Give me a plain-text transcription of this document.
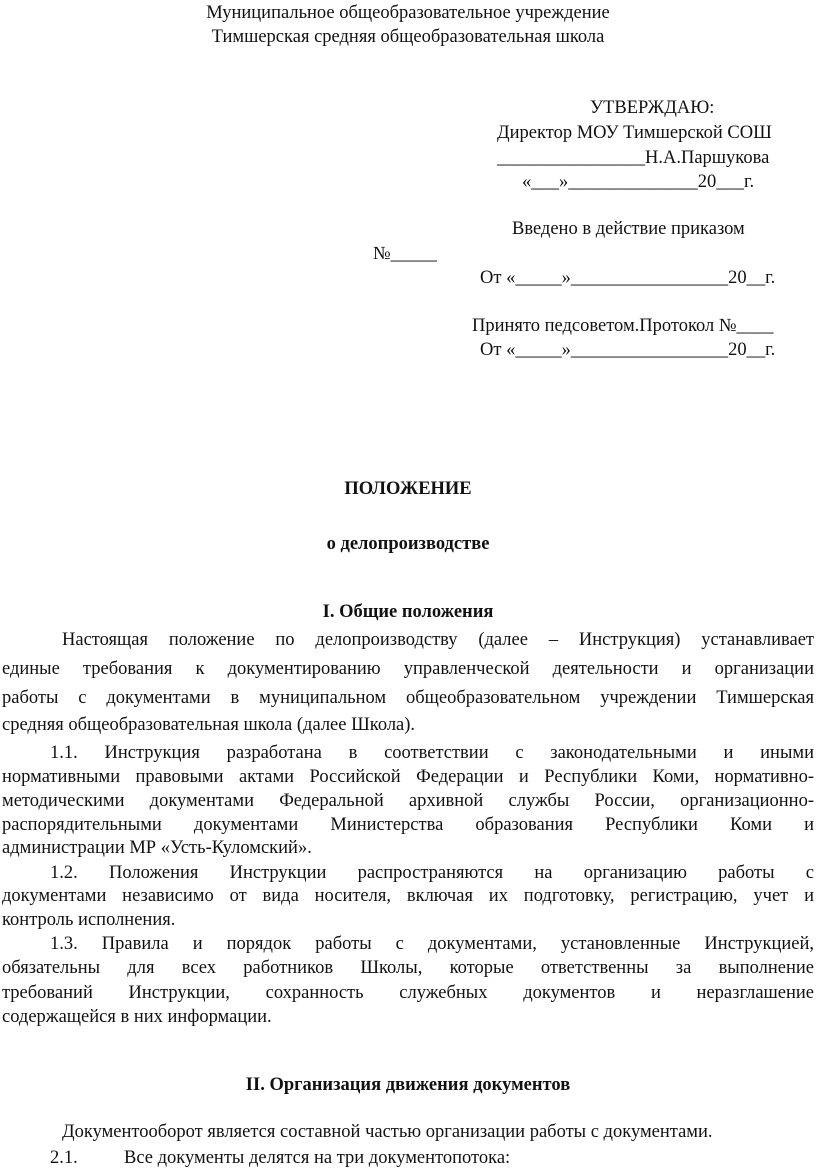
Муниципальное общеобразовательное учреждение
Тимшерская средняя общеобразовательная школа
УТВЕРЖДАЮ:
Директор МОУ Тимшерской СОШ
________________Н.А.Паршукова
«___»______________20___г.
Введено в действие приказом
№_____
От «_____»_________________20__г.
Принято педсоветом.Протокол №____
От «_____»_________________20__г.
ПОЛОЖЕНИЕ
о делопроизводстве
I. Общие положения
Настоящая положение по делопроизводству (далее – Инструкция) устанавливает
единые требования к документированию управленческой деятельности и организации
работы с документами в муниципальном общеобразовательном учреждении Тимшерская
средняя общеобразовательная школа (далее Школа).
1.1. Инструкция разработана в соответствии с законодательными и иными
нормативными правовыми актами Российской Федерации и Республики Коми, нормативно-
методическими документами Федеральной архивной службы России, организационно-
распорядительными документами Министерства образования Республики Коми и
администрации МР «Усть-Куломский».
1.2. Положения Инструкции распространяются на организацию работы с
документами независимо от вида носителя, включая их подготовку, регистрацию, учет и
контроль исполнения.
1.3. Правила и порядок работы с документами, установленные Инструкцией,
обязательны для всех работников Школы, которые ответственны за выполнение
требований Инструкции, сохранность служебных документов и неразглашение
содержащейся в них информации.
II. Организация движения документов
Документооборот является составной частью организации работы с документами.
2.1.	Все документы делятся на три документопотока:
